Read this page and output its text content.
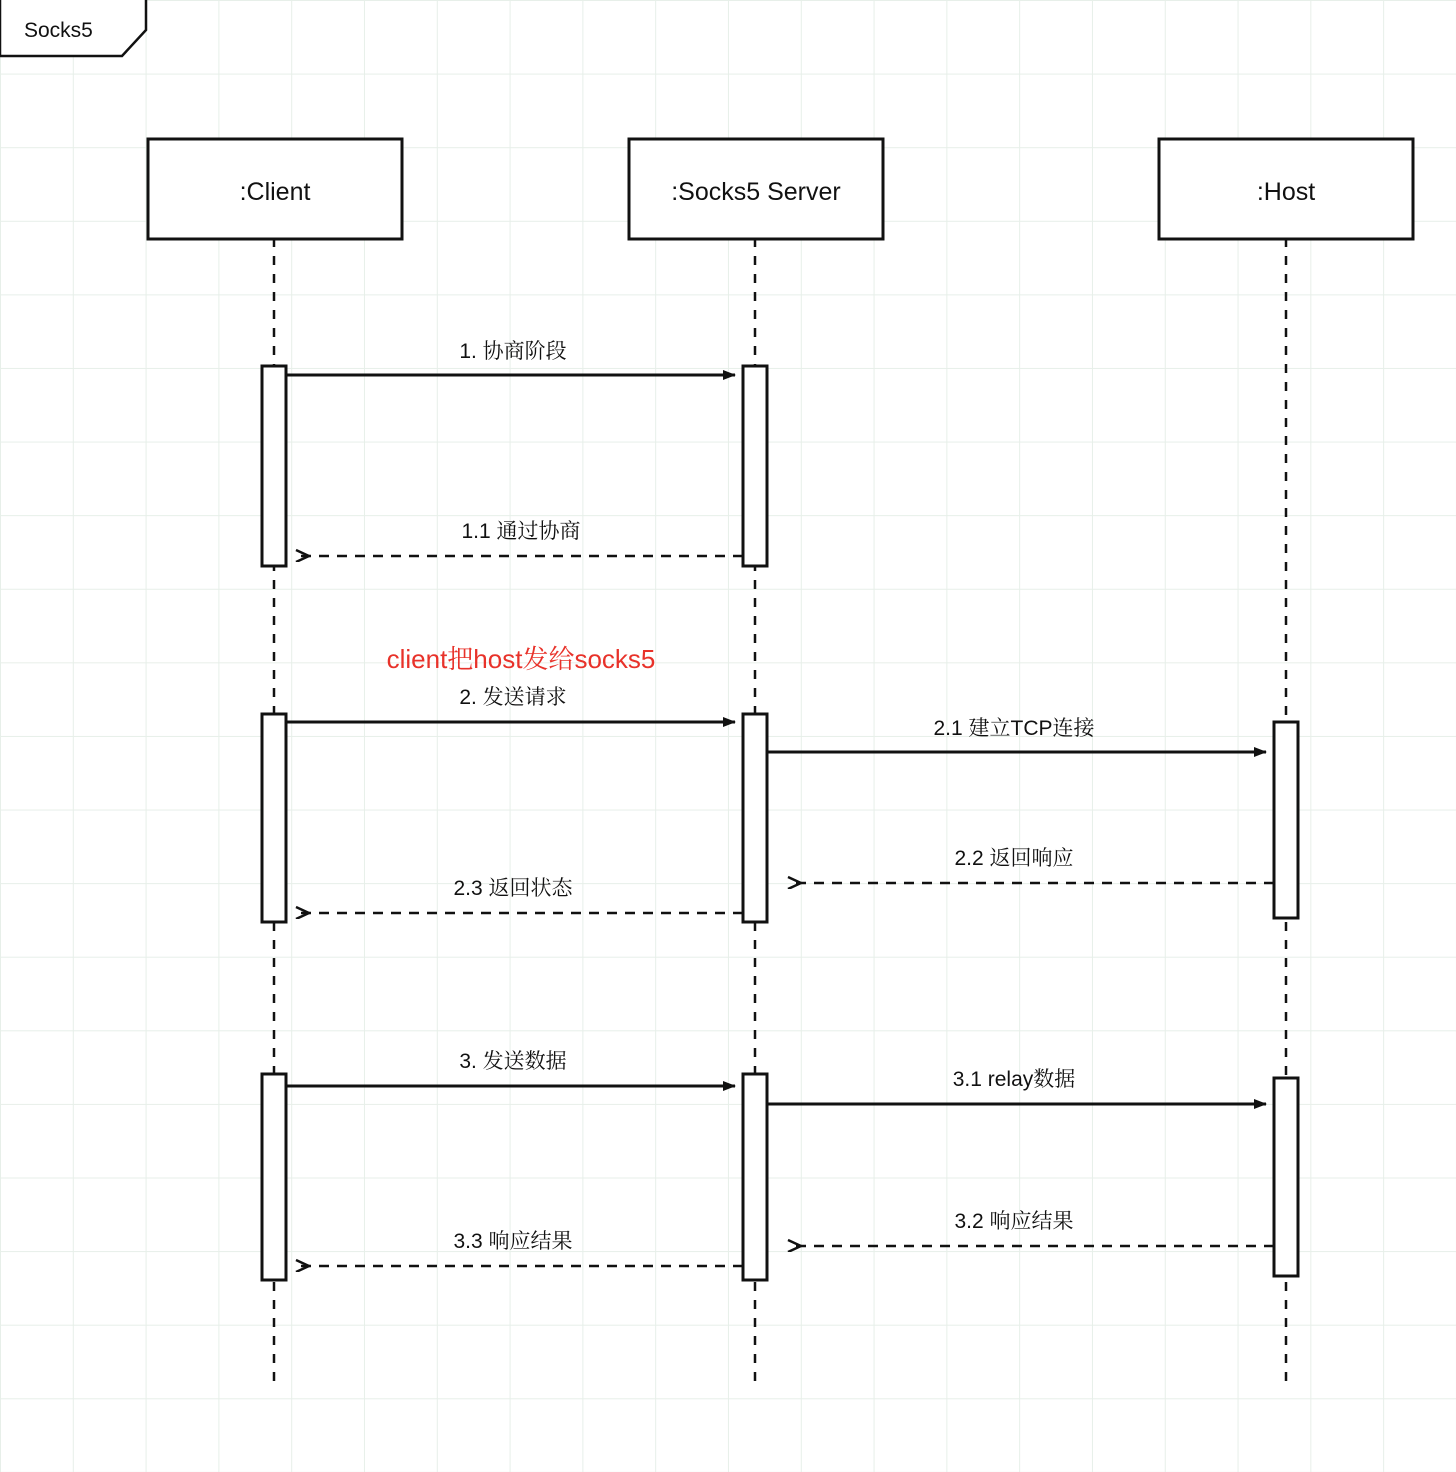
Socks5
:Client	:Socks5 Server	:Host
1. 协商阶段
1.1 通过协商
client把host发给socks5
2. 发送请求
2.1 建立TCP连接
2.2 返回响应
2.3 返回状态
3. 发送数据
3.1 relay数据
3.2 响应结果
3.3 响应结果
